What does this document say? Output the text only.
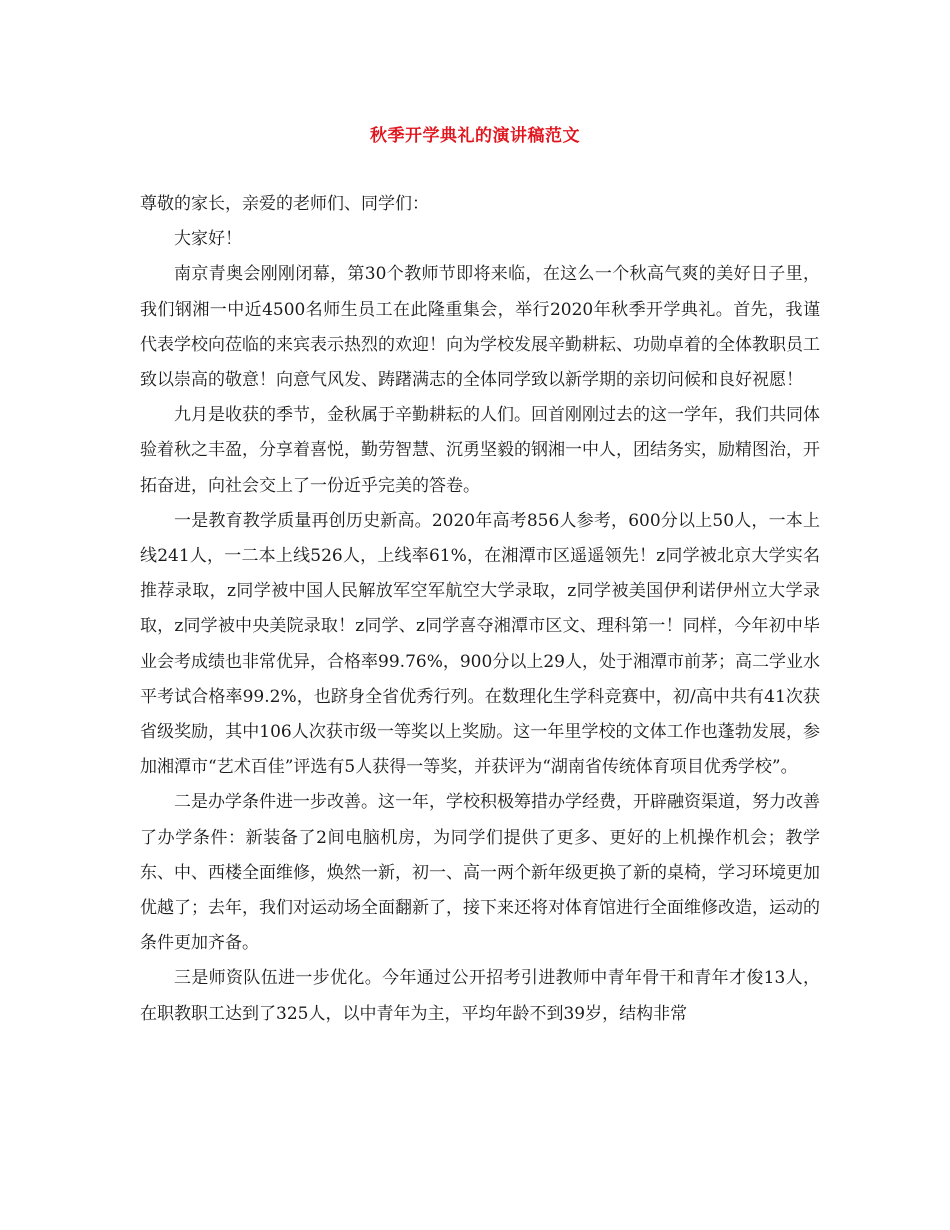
秋季开学典礼的演讲稿范文

尊敬的家长，亲爱的老师们、同学们：

大家好！

南京青奥会刚刚闭幕，第30个教师节即将来临，在这么一个秋高气爽的美好日子里，我们钢湘一中近4500名师生员工在此隆重集会，举行2020年秋季开学典礼。首先，我谨代表学校向莅临的来宾表示热烈的欢迎！向为学校发展辛勤耕耘、功勋卓着的全体教职员工致以崇高的敬意！向意气风发、踌躇满志的全体同学致以新学期的亲切问候和良好祝愿！

九月是收获的季节，金秋属于辛勤耕耘的人们。回首刚刚过去的这一学年，我们共同体验着秋之丰盈，分享着喜悦，勤劳智慧、沉勇坚毅的钢湘一中人，团结务实，励精图治，开拓奋进，向社会交上了一份近乎完美的答卷。

一是教育教学质量再创历史新高。2020年高考856人参考，600分以上50人，一本上线241人，一二本上线526人，上线率61%，在湘潭市区遥遥领先！z同学被北京大学实名推荐录取，z同学被中国人民解放军空军航空大学录取，z同学被美国伊利诺伊州立大学录取，z同学被中央美院录取！z同学、z同学喜夺湘潭市区文、理科第一！同样，今年初中毕业会考成绩也非常优异，合格率99.76%，900分以上29人，处于湘潭市前茅；高二学业水平考试合格率99.2%，也跻身全省优秀行列。在数理化生学科竞赛中，初/高中共有41次获省级奖励，其中106人次获市级一等奖以上奖励。这一年里学校的文体工作也蓬勃发展，参加湘潭市“艺术百佳”评选有5人获得一等奖，并获评为“湖南省传统体育项目优秀学校”。

二是办学条件进一步改善。这一年，学校积极筹措办学经费，开辟融资渠道，努力改善了办学条件：新装备了2间电脑机房，为同学们提供了更多、更好的上机操作机会；教学东、中、西楼全面维修，焕然一新，初一、高一两个新年级更换了新的桌椅，学习环境更加优越了；去年，我们对运动场全面翻新了，接下来还将对体育馆进行全面维修改造，运动的条件更加齐备。

三是师资队伍进一步优化。今年通过公开招考引进教师中青年骨干和青年才俊13人，在职教职工达到了325人，以中青年为主，平均年龄不到39岁，结构非常
